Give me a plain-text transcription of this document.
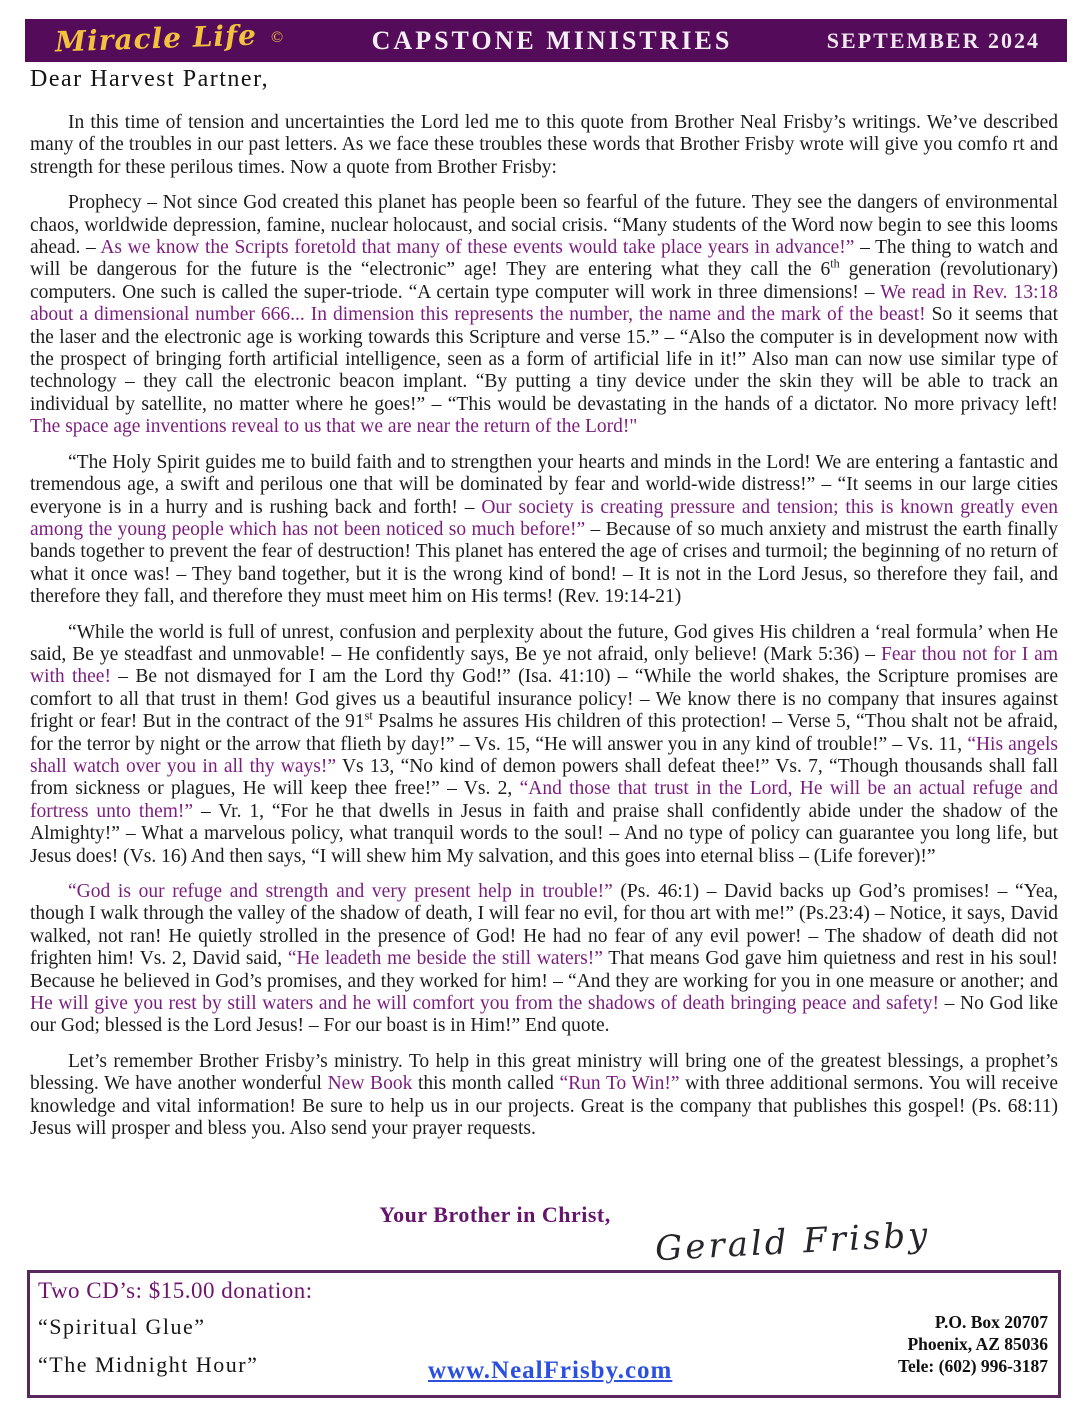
Miracle Life ©	CAPSTONE MINISTRIES	SEPTEMBER 2024
Dear Harvest Partner,

In this time of tension and uncertainties the Lord led me to this quote from Brother Neal Frisby’s writings. We’ve described many of the troubles in our past letters. As we face these troubles these words that Brother Frisby wrote will give you comfo rt and strength for these perilous times. Now a quote from Brother Frisby:

Prophecy – Not since God created this planet has people been so fearful of the future. They see the dangers of environmental chaos, worldwide depression, famine, nuclear holocaust, and social crisis. “Many students of the Word now begin to see this looms ahead. – As we know the Scripts foretold that many of these events would take place years in advance!” – The thing to watch and will be dangerous for the future is the “electronic” age! They are entering what they call the 6th generation (revolutionary) computers. One such is called the super-triode. “A certain type computer will work in three dimensions! – We read in Rev. 13:18 about a dimensional number 666... In dimension this represents the number, the name and the mark of the beast! So it seems that the laser and the electronic age is working towards this Scripture and verse 15.” – “Also the computer is in development now with the prospect of bringing forth artificial intelligence, seen as a form of artificial life in it!” Also man can now use similar type of technology – they call the electronic beacon implant. “By putting a tiny device under the skin they will be able to track an individual by satellite, no matter where he goes!” – “This would be devastating in the hands of a dictator. No more privacy left! The space age inventions reveal to us that we are near the return of the Lord!"

“The Holy Spirit guides me to build faith and to strengthen your hearts and minds in the Lord! We are entering a fantastic and tremendous age, a swift and perilous one that will be dominated by fear and world-wide distress!” – “It seems in our large cities everyone is in a hurry and is rushing back and forth! – Our society is creating pressure and tension; this is known greatly even among the young people which has not been noticed so much before!” – Because of so much anxiety and mistrust the earth finally bands together to prevent the fear of destruction! This planet has entered the age of crises and turmoil; the beginning of no return of what it once was! – They band together, but it is the wrong kind of bond! – It is not in the Lord Jesus, so therefore they fail, and therefore they fall, and therefore they must meet him on His terms! (Rev. 19:14-21)

“While the world is full of unrest, confusion and perplexity about the future, God gives His children a ‘real formula’ when He said, Be ye steadfast and unmovable! – He confidently says, Be ye not afraid, only believe! (Mark 5:36) – Fear thou not for I am with thee! – Be not dismayed for I am the Lord thy God!” (Isa. 41:10) – “While the world shakes, the Scripture promises are comfort to all that trust in them! God gives us a beautiful insurance policy! – We know there is no company that insures against fright or fear! But in the contract of the 91st Psalms he assures His children of this protection! – Verse 5, “Thou shalt not be afraid, for the terror by night or the arrow that flieth by day!” – Vs. 15, “He will answer you in any kind of trouble!” – Vs. 11, “His angels shall watch over you in all thy ways!” Vs 13, “No kind of demon powers shall defeat thee!” Vs. 7, “Though thousands shall fall from sickness or plagues, He will keep thee free!” – Vs. 2, “And those that trust in the Lord, He will be an actual refuge and fortress unto them!” – Vr. 1, “For he that dwells in Jesus in faith and praise shall confidently abide under the shadow of the Almighty!” – What a marvelous policy, what tranquil words to the soul! – And no type of policy can guarantee you long life, but Jesus does! (Vs. 16) And then says, “I will shew him My salvation, and this goes into eternal bliss – (Life forever)!”

“God is our refuge and strength and very present help in trouble!” (Ps. 46:1) – David backs up God’s promises! – “Yea, though I walk through the valley of the shadow of death, I will fear no evil, for thou art with me!” (Ps.23:4) – Notice, it says, David walked, not ran! He quietly strolled in the presence of God! He had no fear of any evil power! – The shadow of death did not frighten him! Vs. 2, David said, “He leadeth me beside the still waters!” That means God gave him quietness and rest in his soul! Because he believed in God’s promises, and they worked for him! – “And they are working for you in one measure or another; and He will give you rest by still waters and he will comfort you from the shadows of death bringing peace and safety! – No God like our God; blessed is the Lord Jesus! – For our boast is in Him!” End quote.

Let’s remember Brother Frisby’s ministry. To help in this great ministry will bring one of the greatest blessings, a prophet’s blessing. We have another wonderful New Book this month called “Run To Win!” with three additional sermons. You will receive knowledge and vital information! Be sure to help us in our projects. Great is the company that publishes this gospel! (Ps. 68:11) Jesus will prosper and bless you. Also send your prayer requests.

Your Brother in Christ,
Gerald Frisby
Two CD’s: $15.00 donation:
“Spiritual Glue”
“The Midnight Hour”	www.NealFrisby.com
P.O. Box 20707
Phoenix, AZ 85036
Tele: (602) 996-3187
